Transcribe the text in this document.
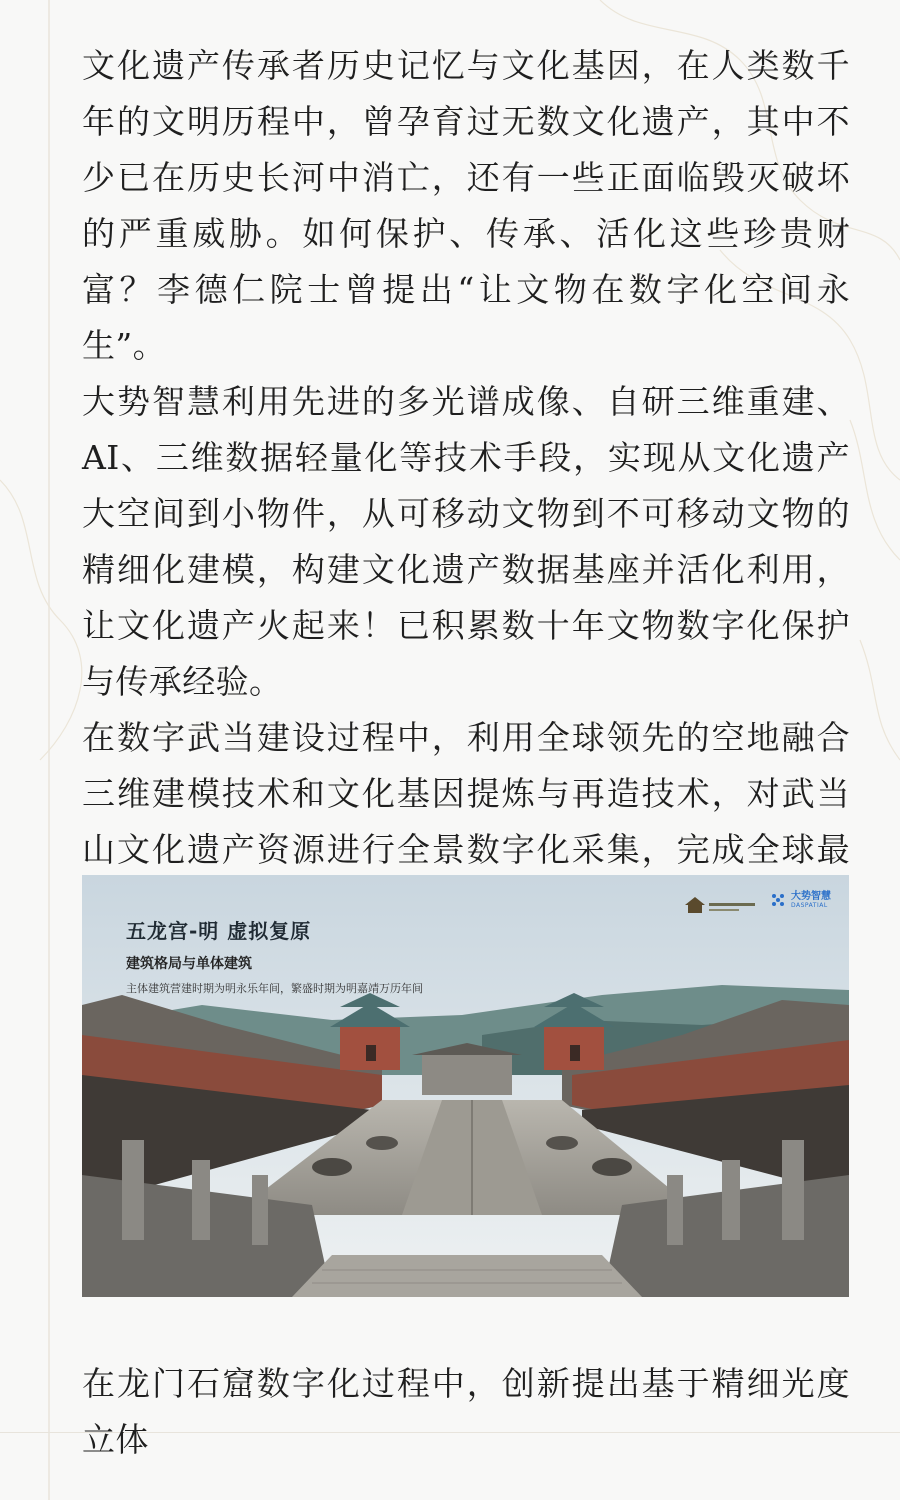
文化遗产传承者历史记忆与文化基因，在人类数千年的文明历程中，曾孕育过无数文化遗产，其中不少已在历史长河中消亡，还有一些正面临毁灭破坏的严重威胁。如何保护、传承、活化这些珍贵财富？李德仁院士曾提出“让文物在数字化空间永生”。

大势智慧利用先进的多光谱成像、自研三维重建、AI、三维数据轻量化等技术手段，实现从文化遗产大空间到小物件，从可移动文物到不可移动文物的精细化建模，构建文化遗产数据基座并活化利用，让文化遗产火起来！已积累数十年文物数字化保护与传承经验。

在数字武当建设过程中，利用全球领先的空地融合三维建模技术和文化基因提炼与再造技术，对武当山文化遗产资源进行全景数字化采集，完成全球最

五龙宫-明 虚拟复原
建筑格局与单体建筑
主体建筑营建时期为明永乐年间，繁盛时期为明嘉靖万历年间
大势智慧
DASPATIAL

在龙门石窟数字化过程中，创新提出基于精细光度立体
